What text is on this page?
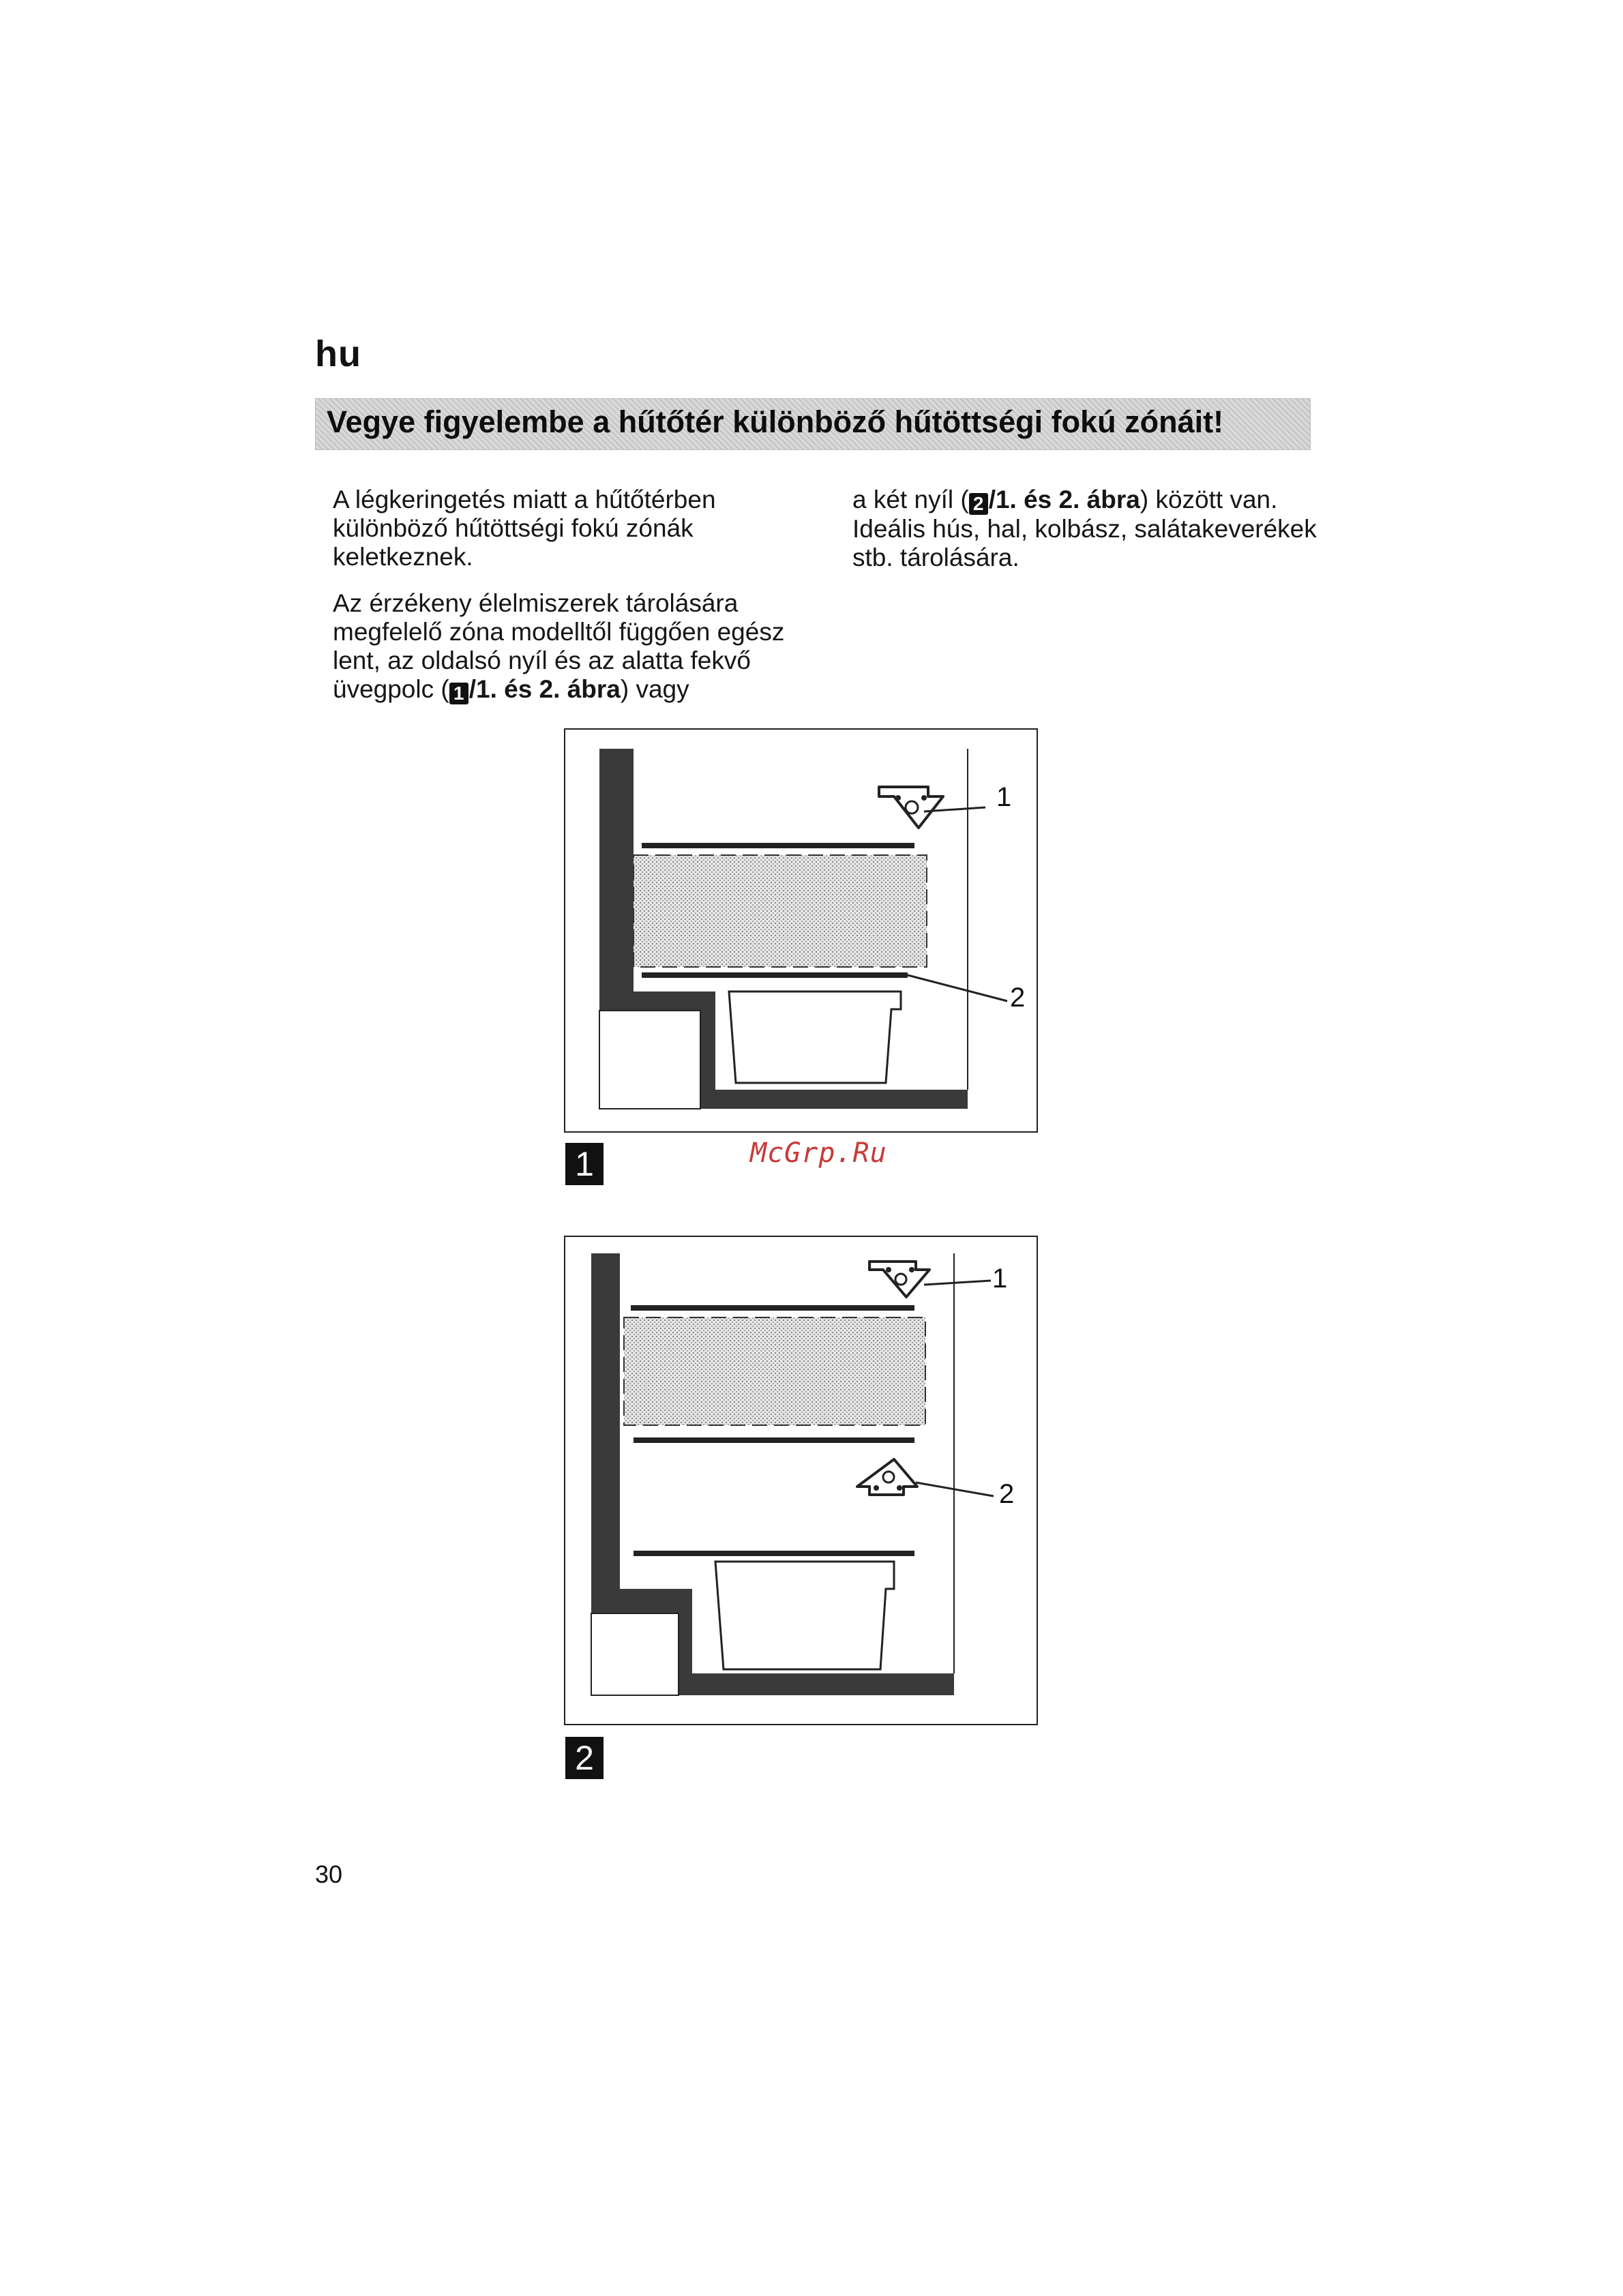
hu
Vegye figyelembe a hűtőtér különböző hűtöttségi fokú zónáit!

A légkeringetés miatt a hűtőtérben különböző hűtöttségi fokú zónák keletkeznek.

Az érzékeny élelmiszerek tárolására megfelelő zóna modelltől függően egész lent, az oldalsó nyíl és az alatta fekvő üvegpolc ( 1 /1. és 2. ábra) vagy

a két nyíl ( 2 /1. és 2. ábra) között van. Ideális hús, hal, kolbász, salátakeverékek stb. tárolására.

1
2
1	McGrp.Ru
1
2
2
30
